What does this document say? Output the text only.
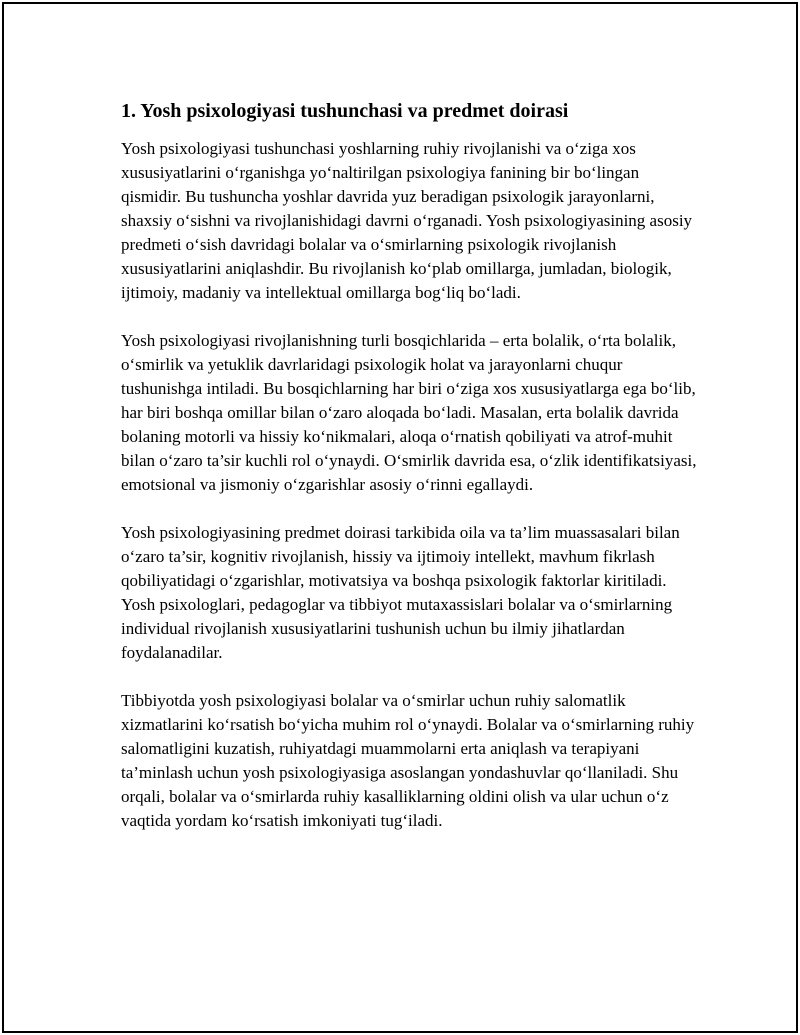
1. Yosh psixologiyasi tushunchasi va predmet doirasi

Yosh psixologiyasi tushunchasi yoshlarning ruhiy rivojlanishi va o‘ziga xos xususiyatlarini o‘rganishga yo‘naltirilgan psixologiya fanining bir bo‘lingan qismidir. Bu tushuncha yoshlar davrida yuz beradigan psixologik jarayonlarni, shaxsiy o‘sishni va rivojlanishidagi davrni o‘rganadi. Yosh psixologiyasining asosiy predmeti o‘sish davridagi bolalar va o‘smirlarning psixologik rivojlanish xususiyatlarini aniqlashdir. Bu rivojlanish ko‘plab omillarga, jumladan, biologik, ijtimoiy, madaniy va intellektual omillarga bog‘liq bo‘ladi.

Yosh psixologiyasi rivojlanishning turli bosqichlarida – erta bolalik, o‘rta bolalik, o‘smirlik va yetuklik davrlaridagi psixologik holat va jarayonlarni chuqur tushunishga intiladi. Bu bosqichlarning har biri o‘ziga xos xususiyatlarga ega bo‘lib, har biri boshqa omillar bilan o‘zaro aloqada bo‘ladi. Masalan, erta bolalik davrida bolaning motorli va hissiy ko‘nikmalari, aloqa o‘rnatish qobiliyati va atrof-muhit bilan o‘zaro ta’sir kuchli rol o‘ynaydi. O‘smirlik davrida esa, o‘zlik identifikatsiyasi, emotsional va jismoniy o‘zgarishlar asosiy o‘rinni egallaydi.

Yosh psixologiyasining predmet doirasi tarkibida oila va ta’lim muassasalari bilan o‘zaro ta’sir, kognitiv rivojlanish, hissiy va ijtimoiy intellekt, mavhum fikrlash qobiliyatidagi o‘zgarishlar, motivatsiya va boshqa psixologik faktorlar kiritiladi. Yosh psixologlari, pedagoglar va tibbiyot mutaxassislari bolalar va o‘smirlarning individual rivojlanish xususiyatlarini tushunish uchun bu ilmiy jihatlardan foydalanadilar.

Tibbiyotda yosh psixologiyasi bolalar va o‘smirlar uchun ruhiy salomatlik xizmatlarini ko‘rsatish bo‘yicha muhim rol o‘ynaydi. Bolalar va o‘smirlarning ruhiy salomatligini kuzatish, ruhiyatdagi muammolarni erta aniqlash va terapiyani ta’minlash uchun yosh psixologiyasiga asoslangan yondashuvlar qo‘llaniladi. Shu orqali, bolalar va o‘smirlarda ruhiy kasalliklarning oldini olish va ular uchun o‘z vaqtida yordam ko‘rsatish imkoniyati tug‘iladi.
